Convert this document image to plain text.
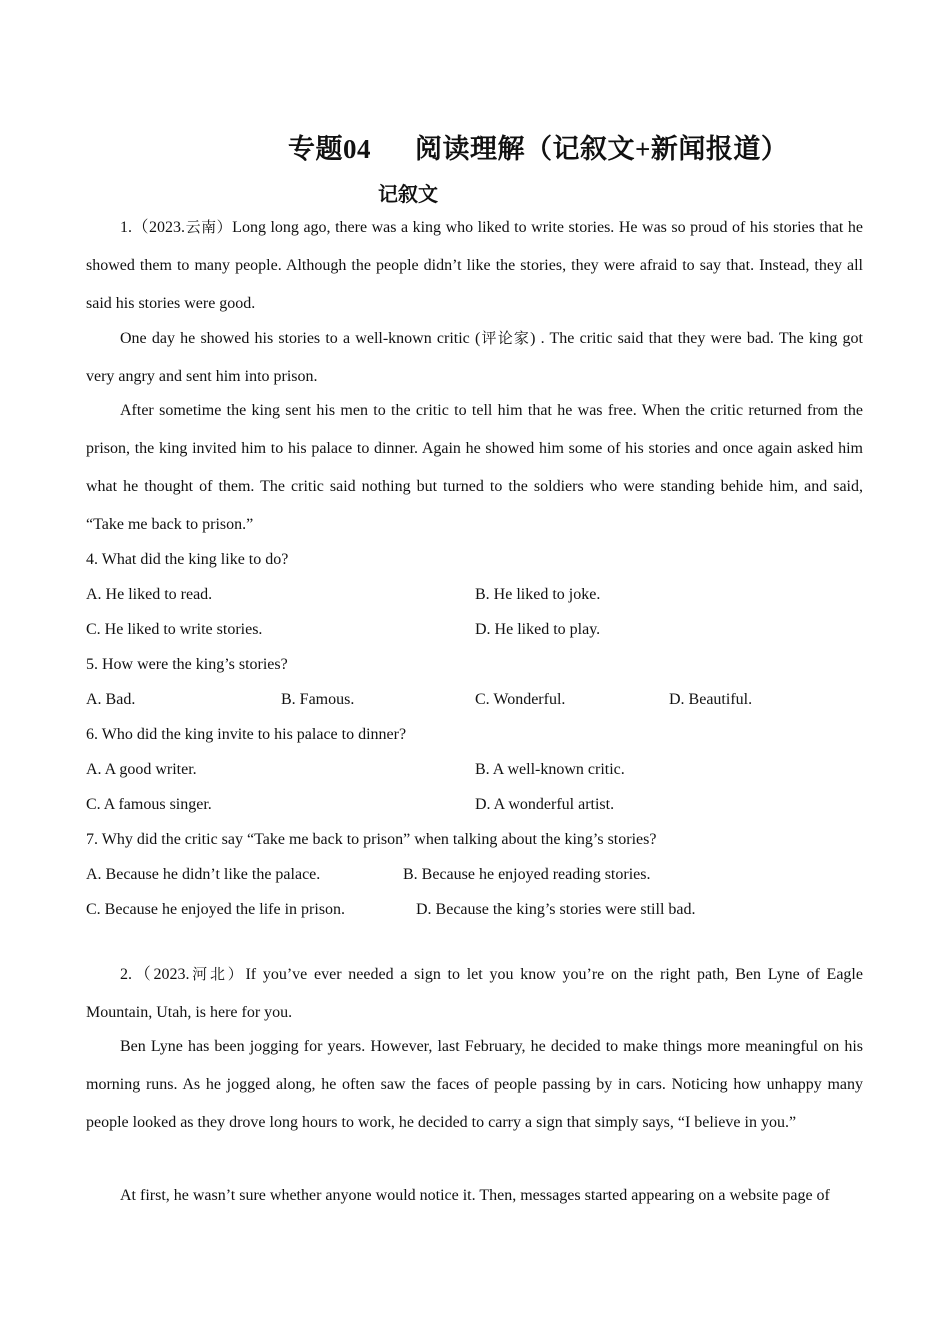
专题04 阅读理解（记叙文+新闻报道）
记叙文

1.（2023.云南）Long long ago, there was a king who liked to write stories. He was so proud of his stories that he showed them to many people. Although the people didn’t like the stories, they were afraid to say that. Instead, they all said his stories were good.

One day he showed his stories to a well-known critic (评论家) . The critic said that they were bad. The king got very angry and sent him into prison.

After sometime the king sent his men to the critic to tell him that he was free. When the critic returned from the prison, the king invited him to his palace to dinner. Again he showed him some of his stories and once again asked him what he thought of them. The critic said nothing but turned to the soldiers who were standing behide him, and said, “Take me back to prison.”

4. What did the king like to do?
A. He liked to read.	B. He liked to joke.
C. He liked to write stories.	D. He liked to play.
5. How were the king’s stories?
A. Bad.	B. Famous.	C. Wonderful.	D. Beautiful.
6. Who did the king invite to his palace to dinner?
A. A good writer.	B. A well-known critic.
C. A famous singer.	D. A wonderful artist.
7. Why did the critic say “Take me back to prison” when talking about the king’s stories?
A. Because he didn’t like the palace.	B. Because he enjoyed reading stories.
C. Because he enjoyed the life in prison.	D. Because the king’s stories were still bad.

2.（2023.河北）If you’ve ever needed a sign to let you know you’re on the right path, Ben Lyne of Eagle Mountain, Utah, is here for you.

Ben Lyne has been jogging for years. However, last February, he decided to make things more meaningful on his morning runs. As he jogged along, he often saw the faces of people passing by in cars. Noticing how unhappy many people looked as they drove long hours to work, he decided to carry a sign that simply says, “I believe in you.”

At first, he wasn’t sure whether anyone would notice it. Then, messages started appearing on a website page of
